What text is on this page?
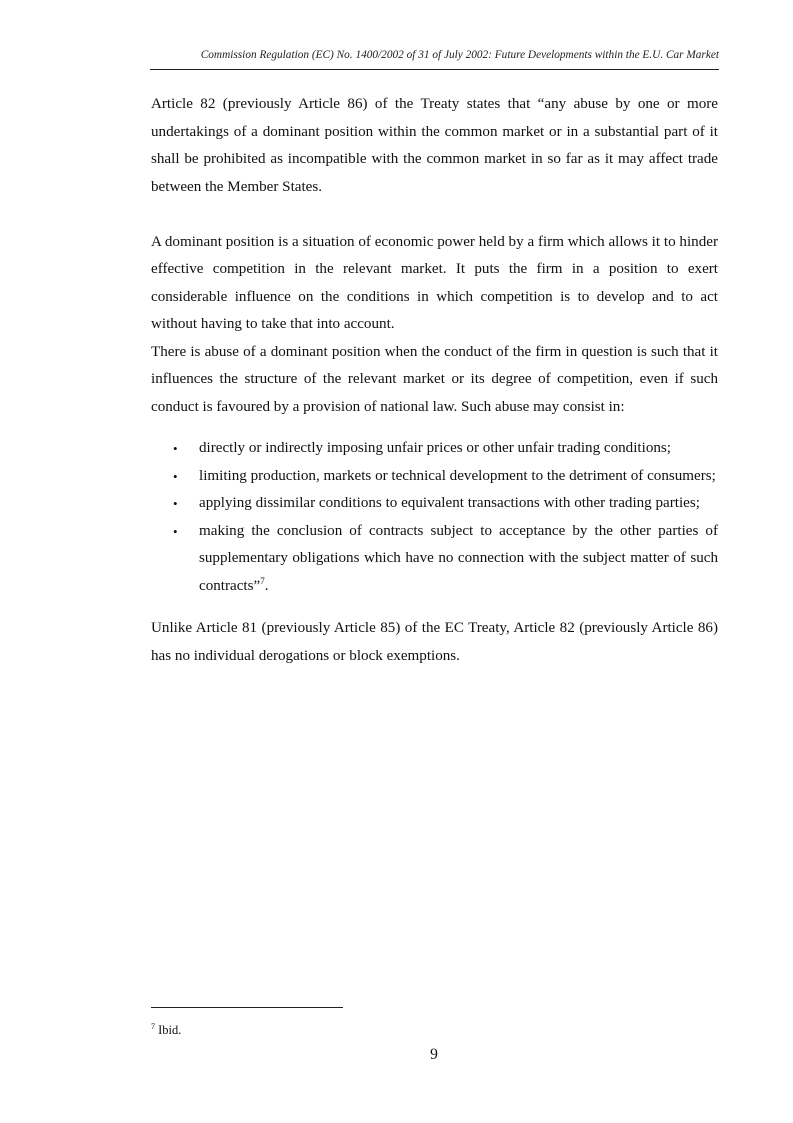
Commission Regulation (EC) No. 1400/2002 of 31 of July 2002: Future Developments within the E.U. Car Market

Article 82 (previously Article 86) of the Treaty states that “any abuse by one or more undertakings of a dominant position within the common market or in a substantial part of it shall be prohibited as incompatible with the common market in so far as it may affect trade between the Member States.

A dominant position is a situation of economic power held by a firm which allows it to hinder effective competition in the relevant market. It puts the firm in a position to exert considerable influence on the conditions in which competition is to develop and to act without having to take that into account.

There is abuse of a dominant position when the conduct of the firm in question is such that it influences the structure of the relevant market or its degree of competition, even if such conduct is favoured by a provision of national law. Such abuse may consist in:

• directly or indirectly imposing unfair prices or other unfair trading conditions;
• limiting production, markets or technical development to the detriment of consumers;
• applying dissimilar conditions to equivalent transactions with other trading parties;
• making the conclusion of contracts subject to acceptance by the other parties of supplementary obligations which have no connection with the subject matter of such contracts”$^7$.

Unlike Article 81 (previously Article 85) of the EC Treaty, Article 82 (previously Article 86) has no individual derogations or block exemptions.

$^7$ Ibid.
9
